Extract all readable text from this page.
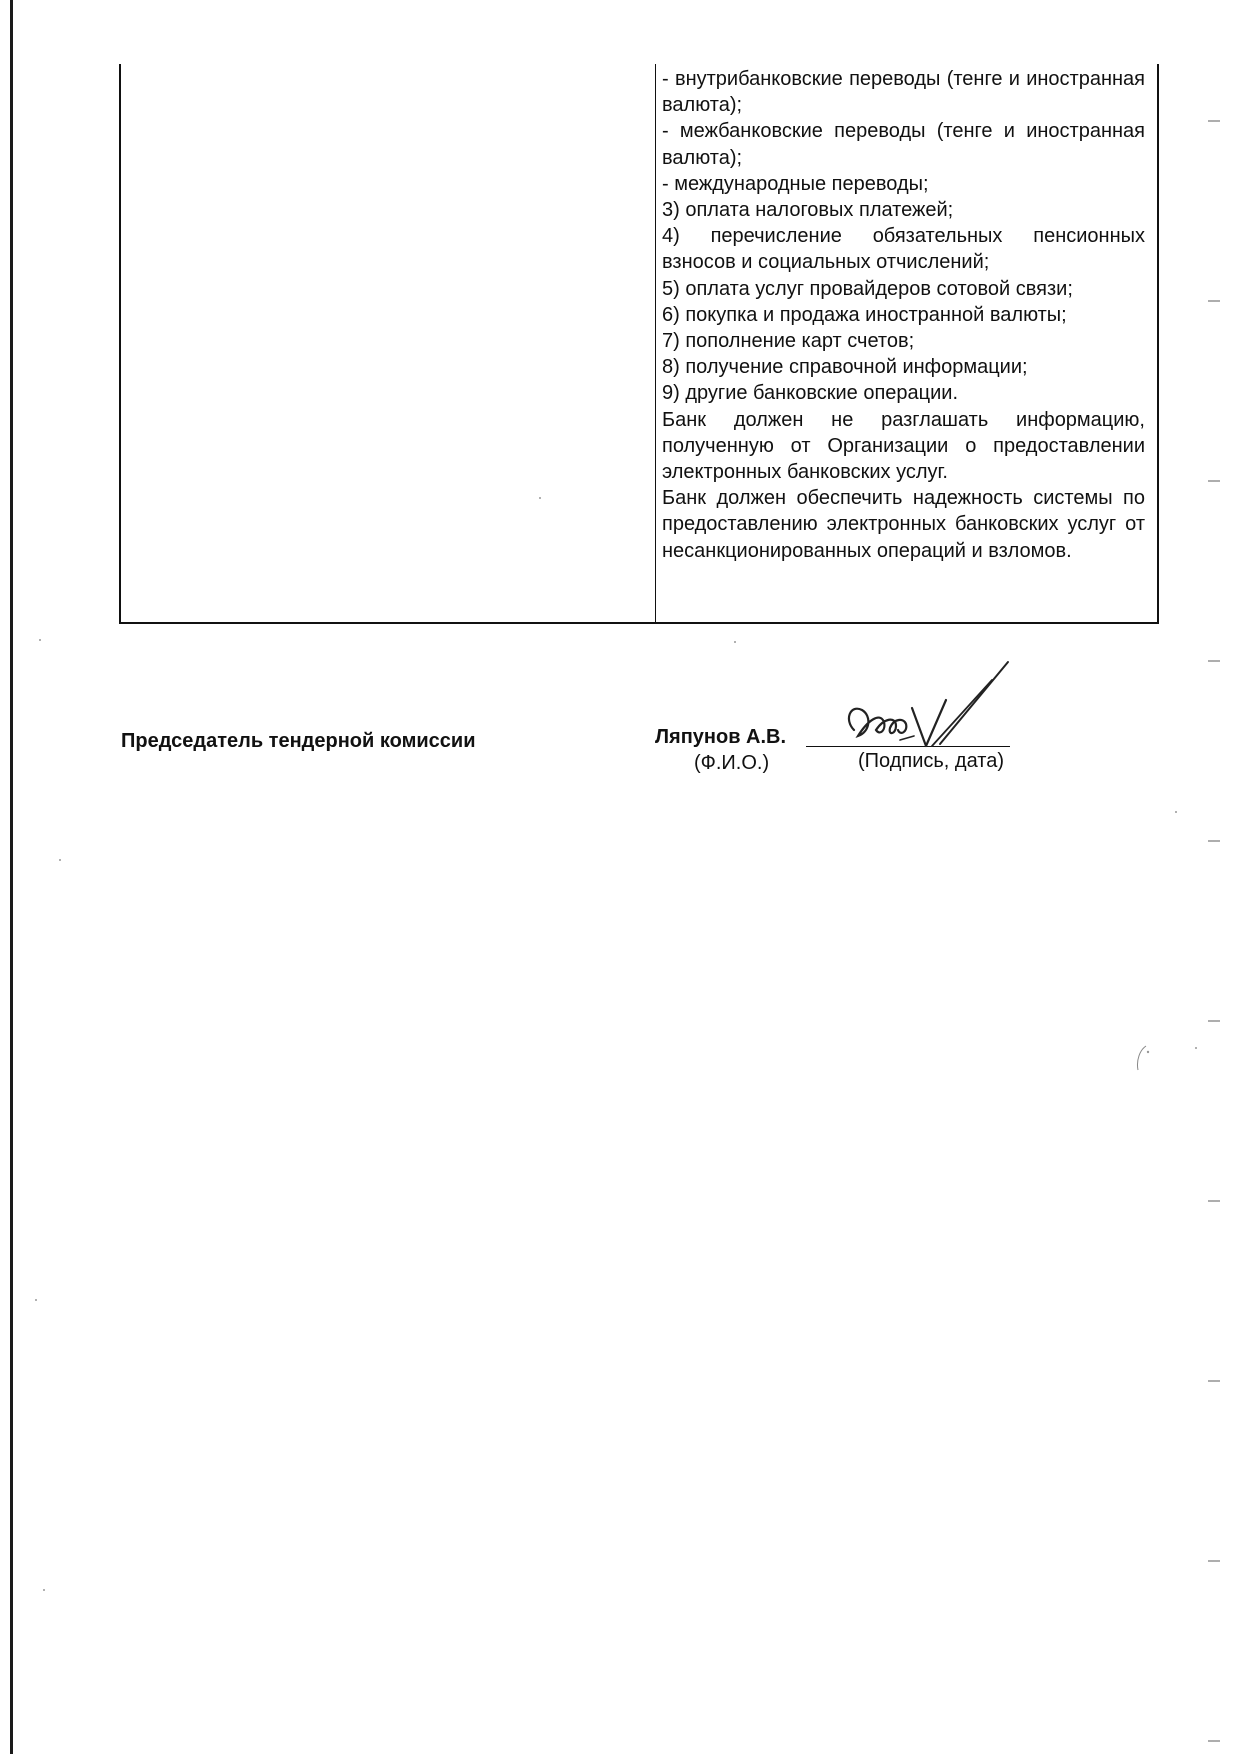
- внутрибанковские переводы (тенге и иностранная валюта);

- межбанковские переводы (тенге и иностранная валюта);

- международные переводы;

3) оплата налоговых платежей;

4) перечисление обязательных пенсионных взносов и социальных отчислений;

5) оплата услуг провайдеров сотовой связи;

6) покупка и продажа иностранной валюты;

7) пополнение карт счетов;

8) получение справочной информации;

9) другие банковские операции.

Банк должен не разглашать информацию, полученную от Организации о предоставлении электронных банковских услуг.

Банк должен обеспечить надежность системы по предоставлению электронных банковских услуг от несанкционированных операций и взломов.

Председатель тендерной комиссии	Ляпунов А.В.
(Ф.И.О.)	(Подпись, дата)
